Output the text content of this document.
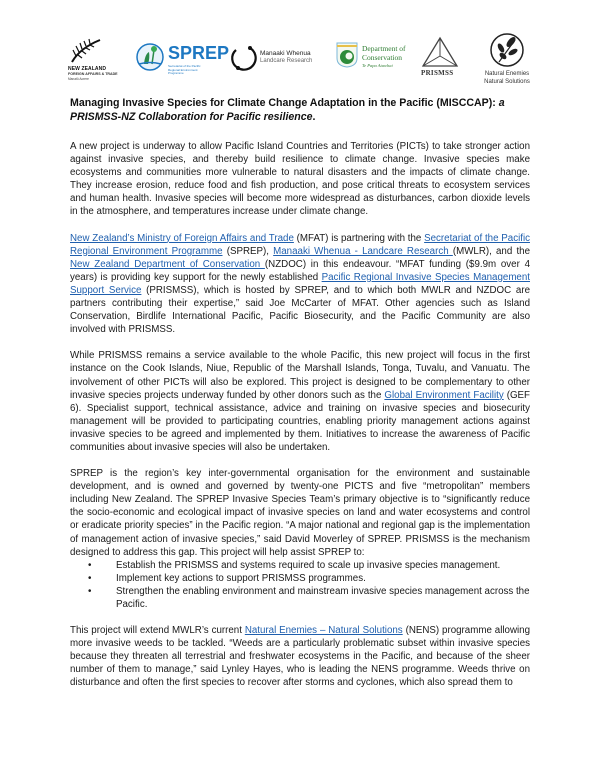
NEW ZEALAND
FOREIGN AFFAIRS & TRADE
Manatū Aorere
SPREP
Secretariat of the Pacific Regional Environment Programme
Manaaki Whenua
Landcare Research
Department of
Conservation
Te Papa Atawhai
PRISMSS	Natural Enemies
Natural Solutions
Managing Invasive Species for Climate Change Adaptation in the Pacific (MISCCAP): a PRISMSS-NZ Collaboration for Pacific resilience.

A new project is underway to allow Pacific Island Countries and Territories (PICTs) to take stronger action against invasive species, and thereby build resilience to climate change. Invasive species make ecosystems and communities more vulnerable to natural disasters and the impacts of climate change. They increase erosion, reduce food and fish production, and pose critical threats to ecosystem services and human health. Invasive species will become more widespread as disturbances, carbon dioxide levels in the atmosphere, and temperatures increase under climate change.

New Zealand’s Ministry of Foreign Affairs and Trade (MFAT) is partnering with the Secretariat of the Pacific Regional Environment Programme (SPREP), Manaaki Whenua - Landcare Research (MWLR), and the New Zealand Department of Conservation (NZDOC) in this endeavour. “MFAT funding ($9.9m over 4 years) is providing key support for the newly established Pacific Regional Invasive Species Management Support Service (PRISMSS), which is hosted by SPREP, and to which both MWLR and NZDOC are partners contributing their expertise,” said Joe McCarter of MFAT. Other agencies such as Island Conservation, Birdlife International Pacific, Pacific Biosecurity, and the Pacific Community are also involved with PRISMSS.

While PRISMSS remains a service available to the whole Pacific, this new project will focus in the first instance on the Cook Islands, Niue, Republic of the Marshall Islands, Tonga, Tuvalu, and Vanuatu. The involvement of other PICTs will also be explored. This project is designed to be complementary to other invasive species projects underway funded by other donors such as the Global Environment Facility (GEF 6). Specialist support, technical assistance, advice and training on invasive species and biosecurity management will be provided to participating countries, enabling priority management actions against invasive species to be agreed and implemented by them. Initiatives to increase the awareness of Pacific communities about invasive species will also be undertaken.

SPREP is the region’s key inter-governmental organisation for the environment and sustainable development, and is owned and governed by twenty-one PICTS and five “metropolitan” members including New Zealand. The SPREP Invasive Species Team’s primary objective is to “significantly reduce the socio-economic and ecological impact of invasive species on land and water ecosystems and control or eradicate priority species” in the Pacific region. “A major national and regional gap is the implementation of management action of invasive species,” said David Moverley of SPREP. PRISMSS is the mechanism designed to address this gap. This project will help assist SPREP to:

• Establish the PRISMSS and systems required to scale up invasive species management.
• Implement key actions to support PRISMSS programmes.
• Strengthen the enabling environment and mainstream invasive species management across the Pacific.

This project will extend MWLR’s current Natural Enemies – Natural Solutions (NENS) programme allowing more invasive weeds to be tackled. “Weeds are a particularly problematic subset within invasive species because they threaten all terrestrial and freshwater ecosystems in the Pacific, and because of the sheer number of them to manage,” said Lynley Hayes, who is leading the NENS programme. Weeds thrive on disturbance and often the first species to recover after storms and cyclones, which also spread them to
